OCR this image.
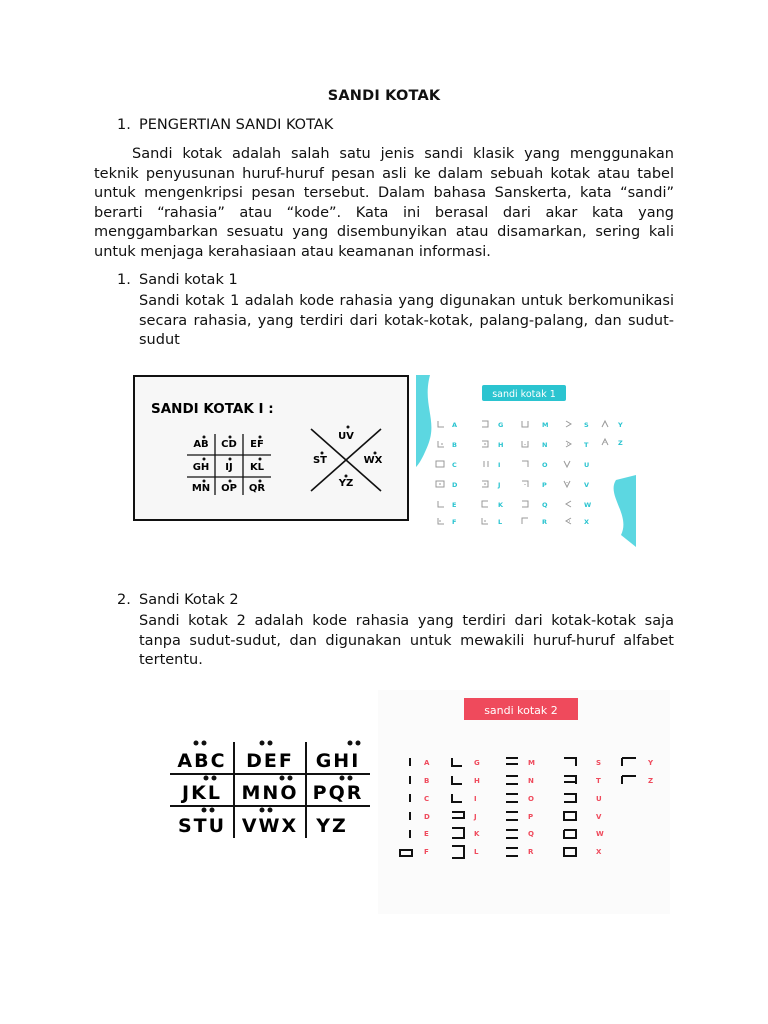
SANDI KOTAK
1. PENGERTIAN SANDI KOTAK
Sandi kotak adalah salah satu jenis sandi klasik yang menggunakan teknik penyusunan huruf-huruf pesan asli ke dalam sebuah kotak atau tabel untuk mengenkripsi pesan tersebut. Dalam bahasa Sanskerta, kata “sandi” berarti “rahasia” atau “kode”. Kata ini berasal dari akar kata yang menggambarkan sesuatu yang disembunyikan atau disamarkan, sering kali untuk menjaga kerahasiaan atau keamanan informasi.
1. Sandi kotak 1
Sandi kotak 1 adalah kode rahasia yang digunakan untuk berkomunikasi secara rahasia, yang terdiri dari kotak-kotak, palang-palang, dan sudut-sudut
SANDI KOTAK I :
AB CD EF
GH IJ KL
MN OP QR
UV
ST	WX
YZ
sandi kotak 1
A
B
C
D
E
F
G
H
I
J
K
L
M
N
O
P
Q
R
S
T
U
V
W
X
Y
Z
2. Sandi Kotak 2
Sandi kotak 2 adalah kode rahasia yang terdiri dari kotak-kotak saja tanpa sudut-sudut, dan digunakan untuk mewakili huruf-huruf alfabet tertentu.
ABC DEF GHI
JKL MNO PQR
STU VWX YZ
sandi kotak 2
A
B
C
D
E
F
G
H
I
J
K
L
M
N
O
P
Q
R
S
T
U
V
W
X
Y
Z
